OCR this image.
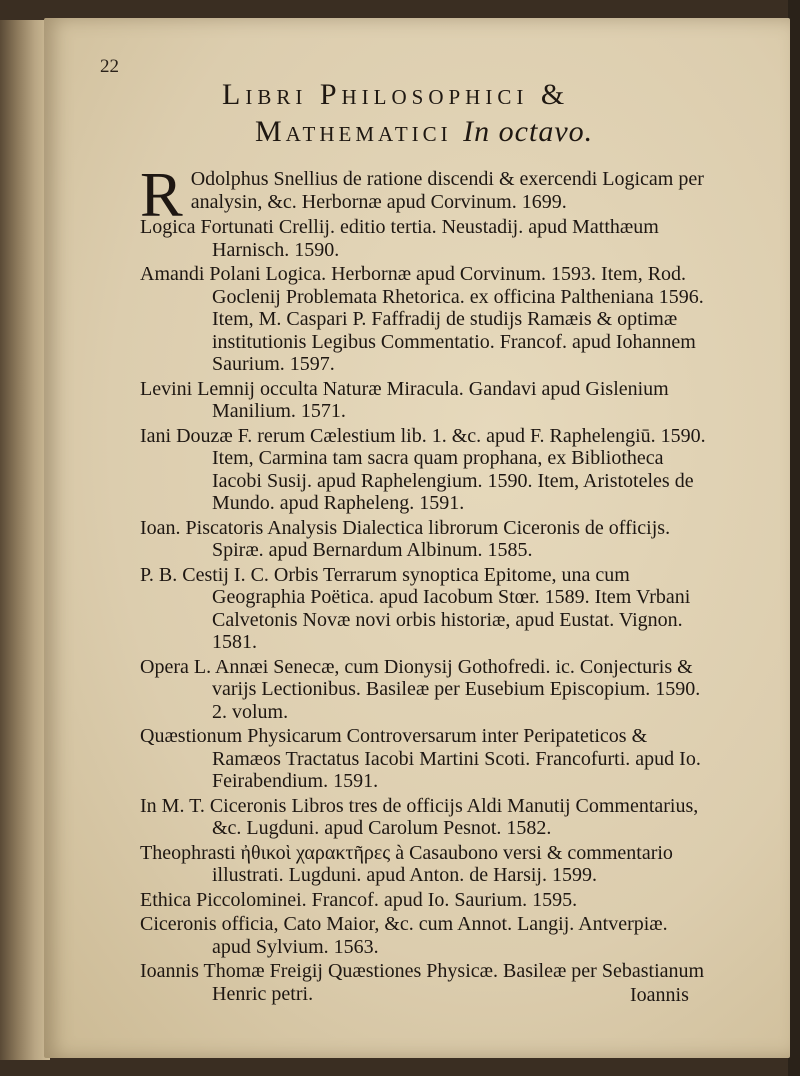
22
Libri Philosophici &
Mathematici In octavo.

R Odolphus Snellius de ratione discendi & exercendi Logicam per analysin, &c. Herbornæ apud Corvinum. 1699.

Logica Fortunati Crellij. editio tertia. Neustadij. apud Matthæum Harnisch. 1590.

Amandi Polani Logica. Herbornæ apud Corvinum. 1593. Item, Rod. Goclenij Problemata Rhetorica. ex officina Paltheniana 1596. Item, M. Caspari P. Faffradij de studijs Ramæis & optimæ institutionis Legibus Commentatio. Francof. apud Iohannem Saurium. 1597.

Levini Lemnij occulta Naturæ Miracula. Gandavi apud Gislenium Manilium. 1571.

Iani Douzæ F. rerum Cælestium lib. 1. &c. apud F. Raphelengiū. 1590. Item, Carmina tam sacra quam prophana, ex Bibliotheca Iacobi Susij. apud Raphelengium. 1590. Item, Aristoteles de Mundo. apud Rapheleng. 1591.

Ioan. Piscatoris Analysis Dialectica librorum Ciceronis de officijs. Spiræ. apud Bernardum Albinum. 1585.

P. B. Cestij I. C. Orbis Terrarum synoptica Epitome, una cum Geographia Poëtica. apud Iacobum Stœr. 1589. Item Vrbani Calvetonis Novæ novi orbis historiæ, apud Eustat. Vignon. 1581.

Opera L. Annæi Senecæ, cum Dionysij Gothofredi. ic. Conjecturis & varijs Lectionibus. Basileæ per Eusebium Episcopium. 1590. 2. volum.

Quæstionum Physicarum Controversarum inter Peripateticos & Ramæos Tractatus Iacobi Martini Scoti. Francofurti. apud Io. Feirabendium. 1591.

In M. T. Ciceronis Libros tres de officijs Aldi Manutij Commentarius, &c. Lugduni. apud Carolum Pesnot. 1582.

Theophrasti ἠθικοὶ χαρακτῆρες à Casaubono versi & commentario illustrati. Lugduni. apud Anton. de Harsij. 1599.

Ethica Piccolominei. Francof. apud Io. Saurium. 1595.

Ciceronis officia, Cato Maior, &c. cum Annot. Langij. Antverpiæ. apud Sylvium. 1563.

Ioannis Thomæ Freigij Quæstiones Physicæ. Basileæ per Sebastianum Henric petri.	Ioannis
